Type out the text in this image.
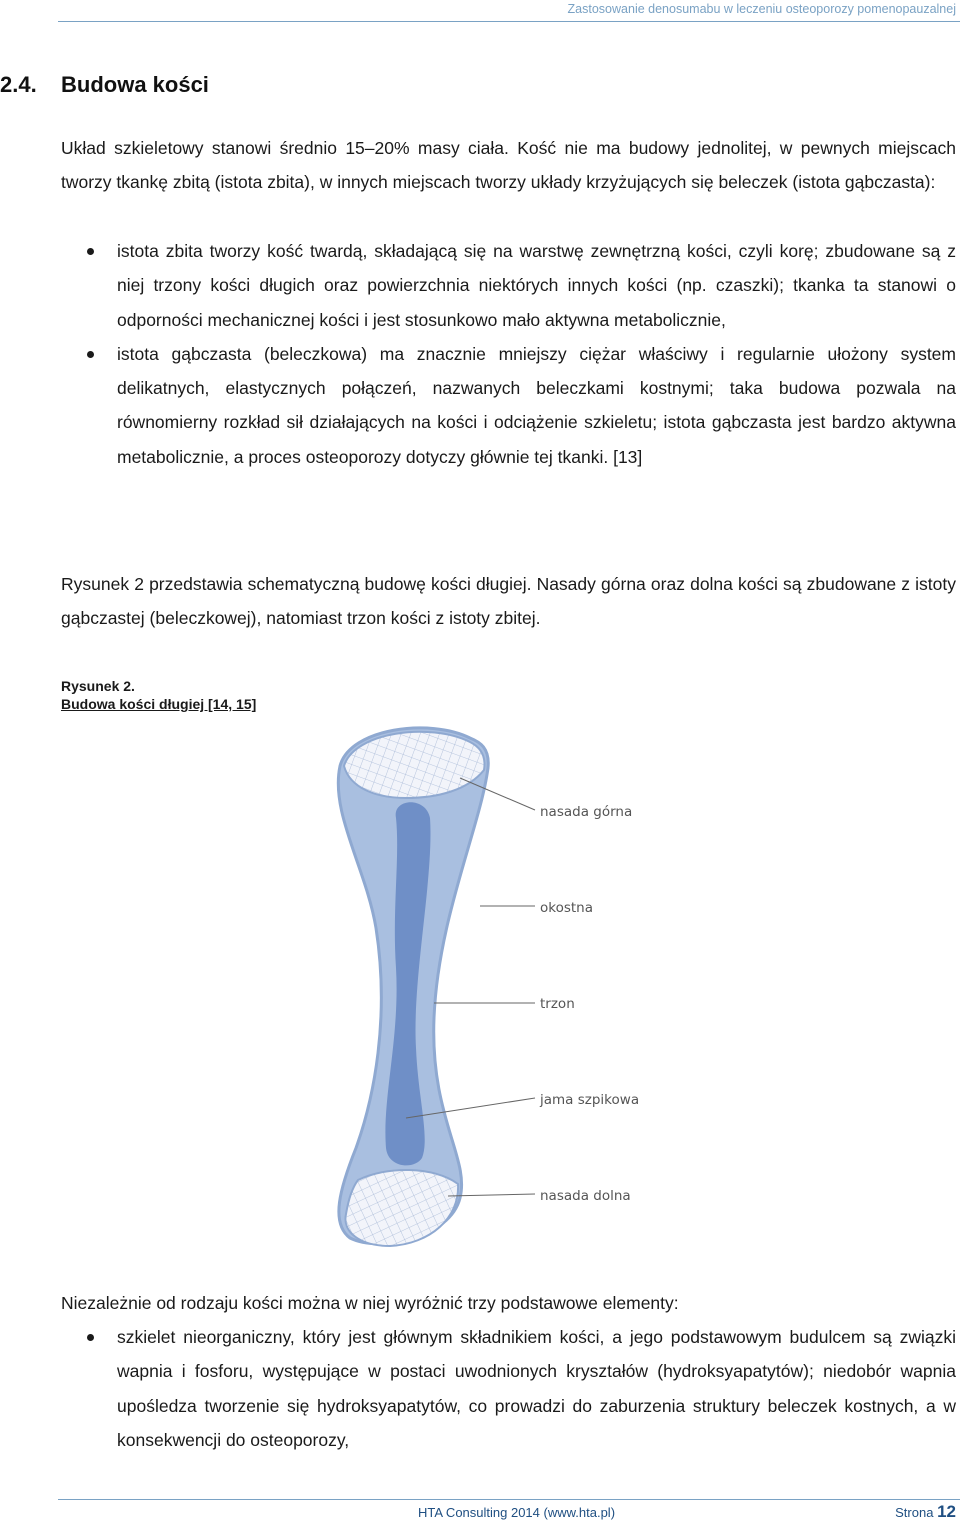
Zastosowanie denosumabu w leczeniu osteoporozy pomenopauzalnej
2.4. Budowa kości

Układ szkieletowy stanowi średnio 15–20% masy ciała. Kość nie ma budowy jednolitej, w pewnych miejscach tworzy tkankę zbitą (istota zbita), w innych miejscach tworzy układy krzyżujących się beleczek (istota gąbczasta):

istota zbita tworzy kość twardą, składającą się na warstwę zewnętrzną kości, czyli korę; zbudowane są z niej trzony kości długich oraz powierzchnia niektórych innych kości (np. czaszki); tkanka ta stanowi o odporności mechanicznej kości i jest stosunkowo mało aktywna metabolicznie,
istota gąbczasta (beleczkowa) ma znacznie mniejszy ciężar właściwy i regularnie ułożony system delikatnych, elastycznych połączeń, nazwanych beleczkami kostnymi; taka budowa pozwala na równomierny rozkład sił działających na kości i odciążenie szkieletu; istota gąbczasta jest bardzo aktywna metabolicznie, a proces osteoporozy dotyczy głównie tej tkanki. [13]

Rysunek 2 przedstawia schematyczną budowę kości długiej. Nasady górna oraz dolna kości są zbudowane z istoty gąbczastej (beleczkowej), natomiast trzon kości z istoty zbitej.

Rysunek 2.
Budowa kości długiej [14, 15]
nasada górna
okostna
trzon
jama szpikowa
nasada dolna

Niezależnie od rodzaju kości można w niej wyróżnić trzy podstawowe elementy:

szkielet nieorganiczny, który jest głównym składnikiem kości, a jego podstawowym budulcem są związki wapnia i fosforu, występujące w postaci uwodnionych kryształów (hydroksyapatytów); niedobór wapnia upośledza tworzenie się hydroksyapatytów, co prowadzi do zaburzenia struktury beleczek kostnych, a w konsekwencji do osteoporozy,
HTA Consulting 2014 (www.hta.pl)	Strona 12
